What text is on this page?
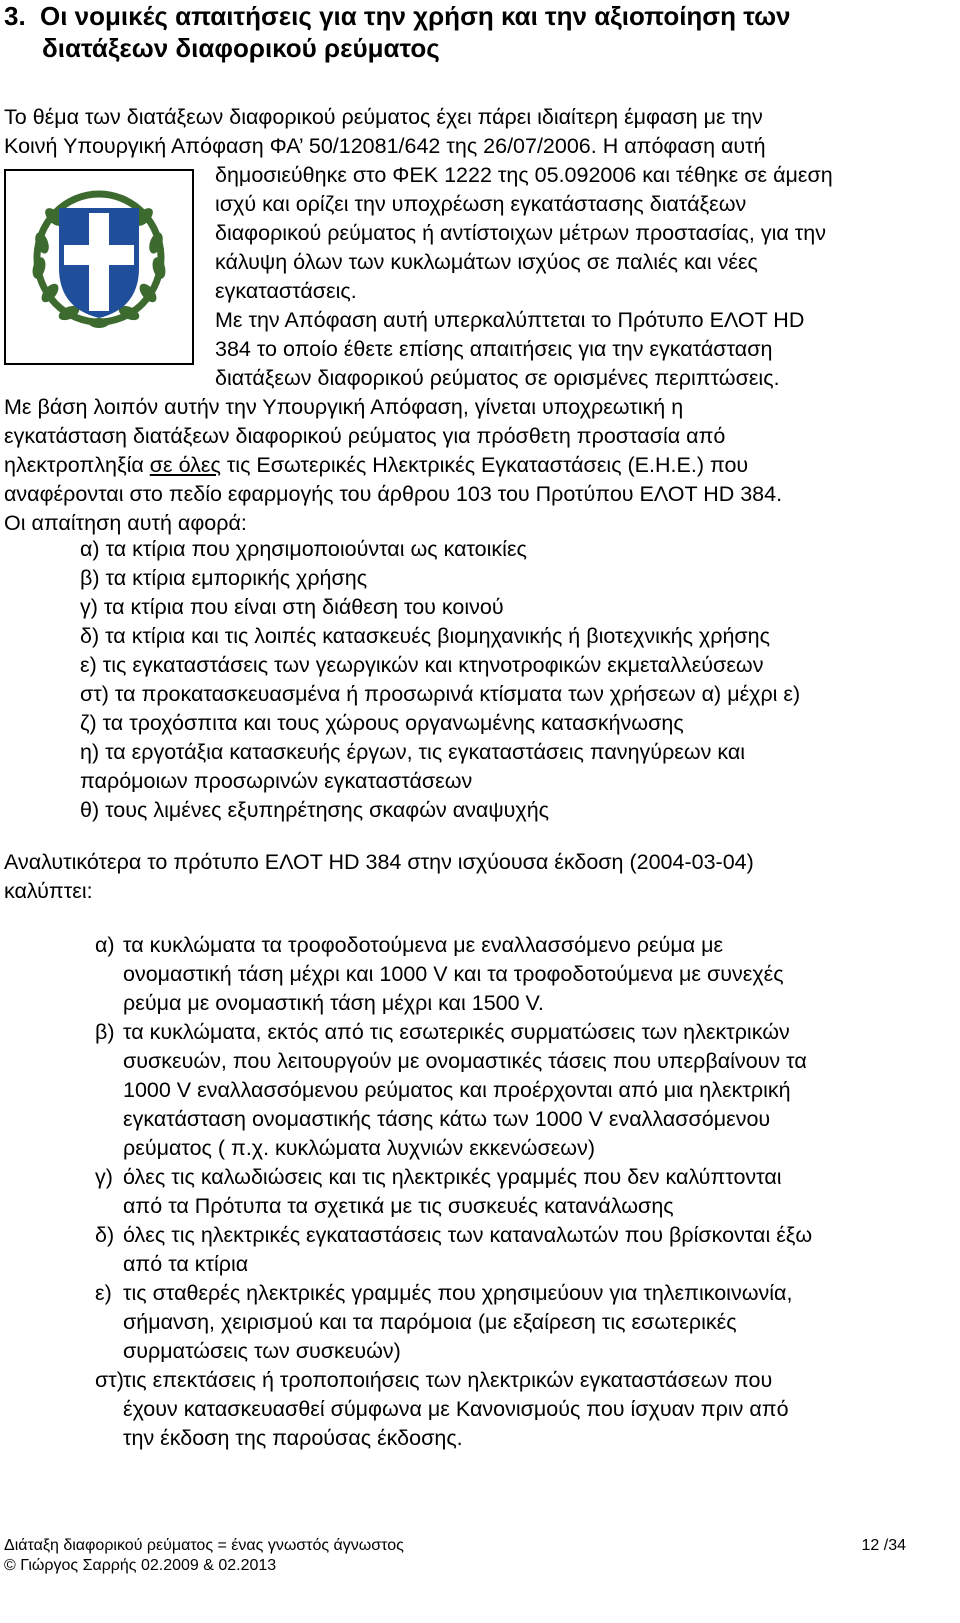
3. Οι νομικές απαιτήσεις για την χρήση και την αξιοποίηση των
διατάξεων διαφορικού ρεύματος
Το θέμα των διατάξεων διαφορικού ρεύματος έχει πάρει ιδιαίτερη έμφαση με την
Κοινή Υπουργική Απόφαση ΦΑ’ 50/12081/642 της 26/07/2006. Η απόφαση αυτή
δημοσιεύθηκε στο ΦΕΚ 1222 της 05.092006 και τέθηκε σε άμεση
ισχύ και ορίζει την υποχρέωση εγκατάστασης διατάξεων
διαφορικού ρεύματος ή αντίστοιχων μέτρων προστασίας, για την
κάλυψη όλων των κυκλωμάτων ισχύος σε παλιές και νέες
εγκαταστάσεις.
Με την Απόφαση αυτή υπερκαλύπτεται το Πρότυπο ΕΛΟΤ HD
384 το οποίο έθετε επίσης απαιτήσεις για την εγκατάσταση
διατάξεων διαφορικού ρεύματος σε ορισμένες περιπτώσεις.
Με βάση λοιπόν αυτήν την Υπουργική Απόφαση, γίνεται υποχρεωτική η
εγκατάσταση διατάξεων διαφορικού ρεύματος για πρόσθετη προστασία από
ηλεκτροπληξία σε όλες τις Εσωτερικές Ηλεκτρικές Εγκαταστάσεις (Ε.Η.Ε.) που
αναφέρονται στο πεδίο εφαρμογής του άρθρου 103 του Προτύπου ΕΛΟΤ HD 384.
Οι απαίτηση αυτή αφορά:
α) τα κτίρια που χρησιμοποιούνται ως κατοικίες
β) τα κτίρια εμπορικής χρήσης
γ) τα κτίρια που είναι στη διάθεση του κοινού
δ) τα κτίρια και τις λοιπές κατασκευές βιομηχανικής ή βιοτεχνικής χρήσης
ε) τις εγκαταστάσεις των γεωργικών και κτηνοτροφικών εκμεταλλεύσεων
στ) τα προκατασκευασμένα ή προσωρινά κτίσματα των χρήσεων α) μέχρι ε)
ζ) τα τροχόσπιτα και τους χώρους οργανωμένης κατασκήνωσης
η) τα εργοτάξια κατασκευής έργων, τις εγκαταστάσεις πανηγύρεων και
παρόμοιων προσωρινών εγκαταστάσεων
θ) τους λιμένες εξυπηρέτησης σκαφών αναψυχής
Αναλυτικότερα το πρότυπο ΕΛΟΤ HD 384 στην ισχύουσα έκδοση (2004-03-04)
καλύπτει:
α) τα κυκλώματα τα τροφοδοτούμενα με εναλλασσόμενο ρεύμα με
ονομαστική τάση μέχρι και 1000 V και τα τροφοδοτούμενα με συνεχές
ρεύμα με ονομαστική τάση μέχρι και 1500 V.
β) τα κυκλώματα, εκτός από τις εσωτερικές συρματώσεις των ηλεκτρικών
συσκευών, που λειτουργούν με ονομαστικές τάσεις που υπερβαίνουν τα
1000 V εναλλασσόμενου ρεύματος και προέρχονται από μια ηλεκτρική
εγκατάσταση ονομαστικής τάσης κάτω των 1000 V εναλλασσόμενου
ρεύματος ( π.χ. κυκλώματα λυχνιών εκκενώσεων)
γ) όλες τις καλωδιώσεις και τις ηλεκτρικές γραμμές που δεν καλύπτονται
από τα Πρότυπα τα σχετικά με τις συσκευές κατανάλωσης
δ) όλες τις ηλεκτρικές εγκαταστάσεις των καταναλωτών που βρίσκονται έξω
από τα κτίρια
ε) τις σταθερές ηλεκτρικές γραμμές που χρησιμεύουν για τηλεπικοινωνία,
σήμανση, χειρισμού και τα παρόμοια (με εξαίρεση τις εσωτερικές
συρματώσεις των συσκευών)
στ) τις επεκτάσεις ή τροποποιήσεις των ηλεκτρικών εγκαταστάσεων που
έχουν κατασκευασθεί σύμφωνα με Κανονισμούς που ίσχυαν πριν από
την έκδοση της παρούσας έκδοσης.
Διάταξη διαφορικού ρεύματος = ένας γνωστός άγνωστος	12 /34
© Γιώργος Σαρρής 02.2009 & 02.2013
